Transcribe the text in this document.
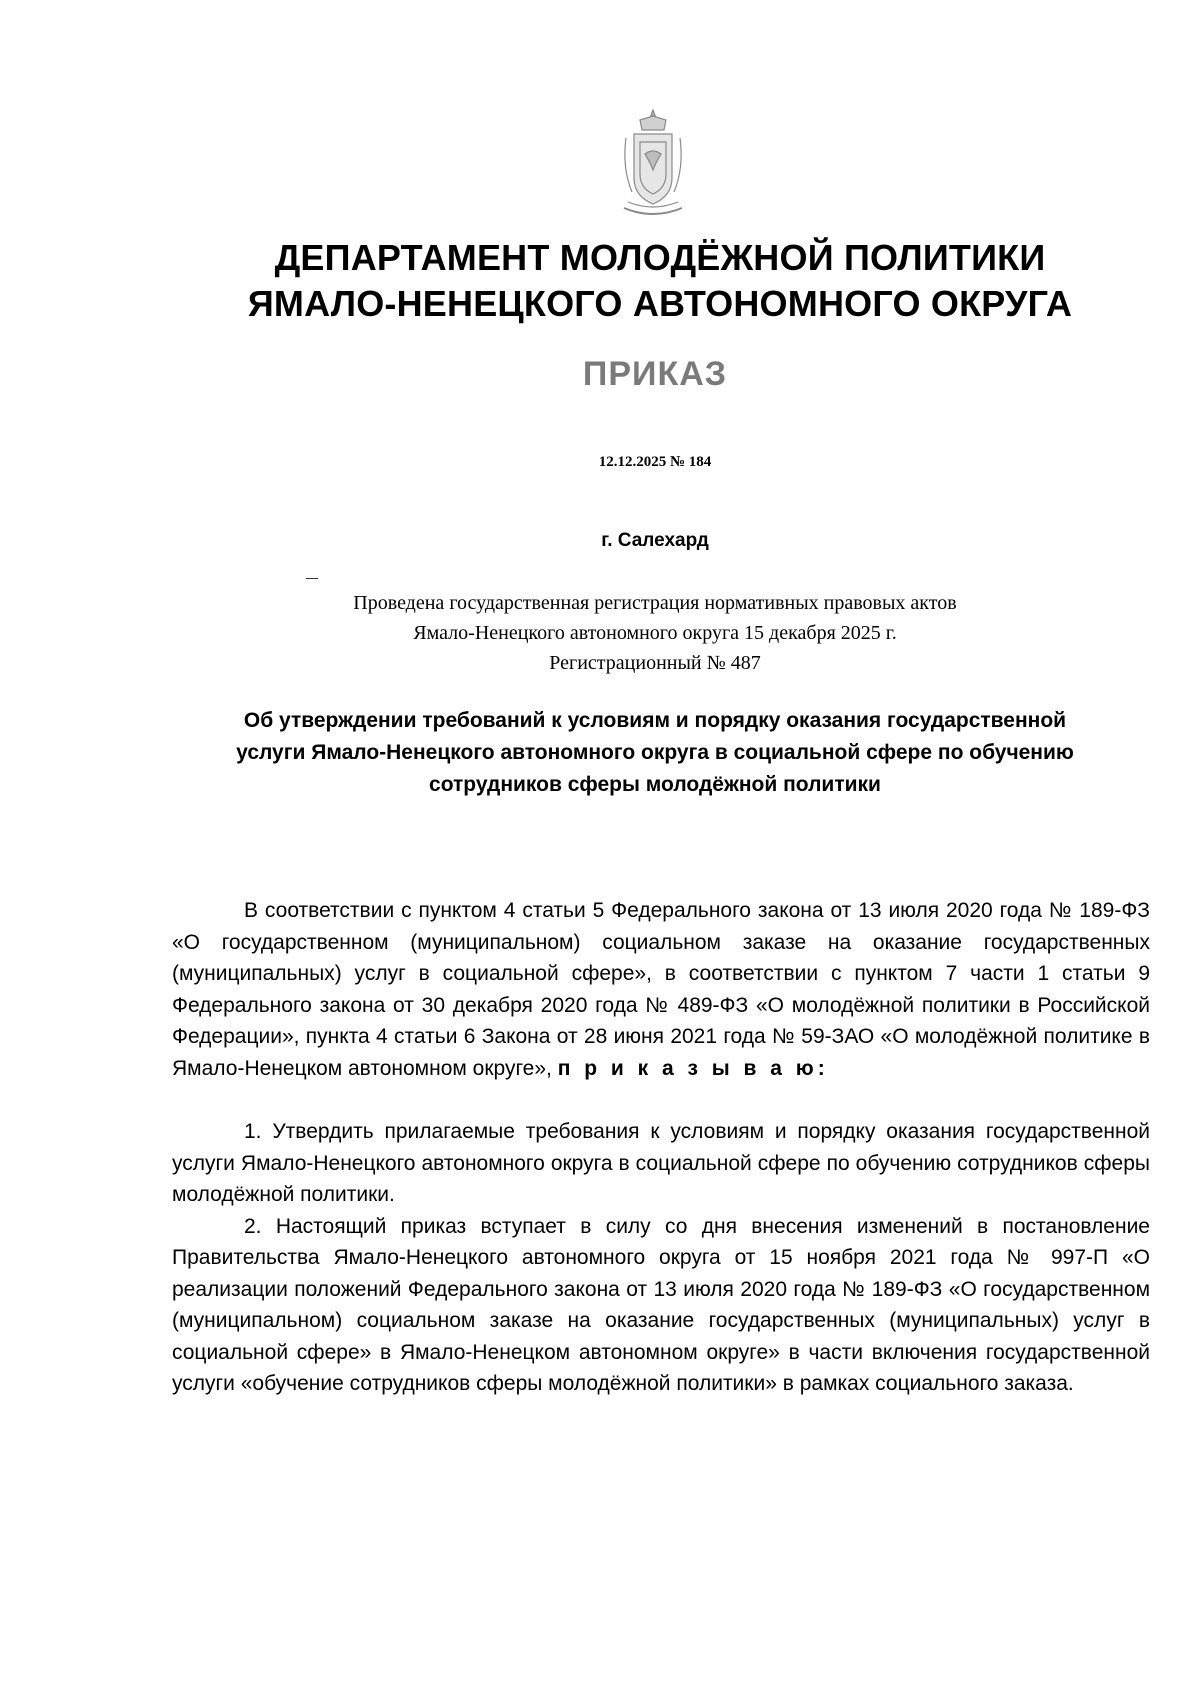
ДЕПАРТАМЕНТ МОЛОДЁЖНОЙ ПОЛИТИКИ
ЯМАЛО-НЕНЕЦКОГО АВТОНОМНОГО ОКРУГА
ПРИКАЗ
12.12.2025 № 184
г. Салехард
Проведена государственная регистрация нормативных правовых актов
Ямало-Ненецкого автономного округа 15 декабря 2025 г.
Регистрационный № 487
Об утверждении требований к условиям и порядку оказания государственной услуги Ямало-Ненецкого автономного округа в социальной сфере по обучению сотрудников сферы молодёжной политики

В соответствии с пунктом 4 статьи 5 Федерального закона от 13 июля 2020 года № 189-ФЗ «О государственном (муниципальном) социальном заказе на оказание государственных (муниципальных) услуг в социальной сфере», в соответствии с пунктом 7 части 1 статьи 9 Федерального закона от 30 декабря 2020 года № 489-ФЗ «О молодёжной политики в Российской Федерации», пункта 4 статьи 6 Закона от 28 июня 2021 года № 59-ЗАО «О молодёжной политике в Ямало-Ненецком автономном округе», п р и к а з ы в а ю:

1. Утвердить прилагаемые требования к условиям и порядку оказания государственной услуги Ямало-Ненецкого автономного округа в социальной сфере по обучению сотрудников сферы молодёжной политики.

2. Настоящий приказ вступает в силу со дня внесения изменений в постановление Правительства Ямало-Ненецкого автономного округа от 15 ноября 2021 года № 997-П «О реализации положений Федерального закона от 13 июля 2020 года № 189-ФЗ «О государственном (муниципальном) социальном заказе на оказание государственных (муниципальных) услуг в социальной сфере» в Ямало-Ненецком автономном округе» в части включения государственной услуги «обучение сотрудников сферы молодёжной политики» в рамках социального заказа.
